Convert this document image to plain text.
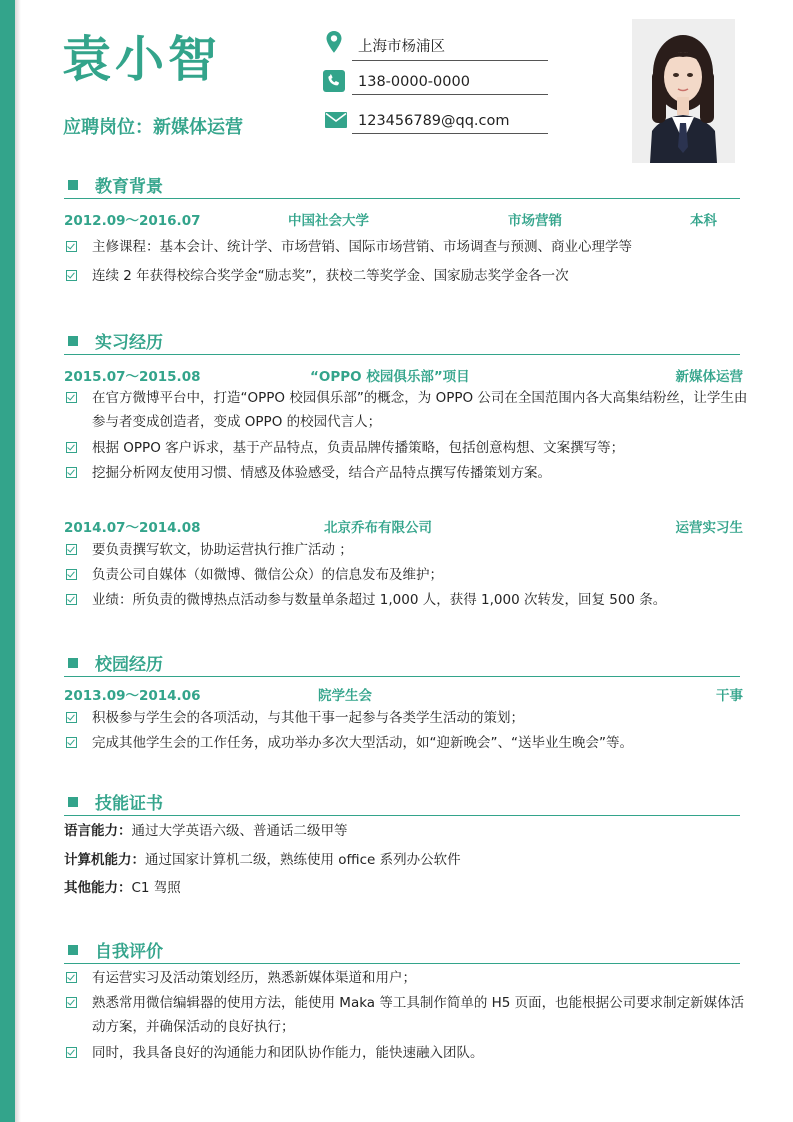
袁小智
应聘岗位：新媒体运营
上海市杨浦区
138-0000-0000
123456789@qq.com
教育背景
2012.09～2016.07	中国社会大学	市场营销	本科
主修课程：基本会计、统计学、市场营销、国际市场营销、市场调查与预测、商业心理学等
连续 2 年获得校综合奖学金“励志奖”，获校二等奖学金、国家励志奖学金各一次
实习经历
2015.07～2015.08	“OPPO 校园俱乐部”项目	新媒体运营
在官方微博平台中，打造“OPPO 校园俱乐部”的概念，为 OPPO 公司在全国范围内各大高集结粉丝，让学生由参与者变成创造者，变成 OPPO 的校园代言人；
根据 OPPO 客户诉求，基于产品特点，负责品牌传播策略，包括创意构想、文案撰写等；
挖掘分析网友使用习惯、情感及体验感受，结合产品特点撰写传播策划方案。
2014.07～2014.08	北京乔布有限公司	运营实习生
要负责撰写软文，协助运营执行推广活动 ；
负责公司自媒体（如微博、微信公众）的信息发布及维护；
业绩：所负责的微博热点活动参与数量单条超过 1,000 人，获得 1,000 次转发，回复 500 条。
校园经历
2013.09～2014.06	院学生会	干事
积极参与学生会的各项活动，与其他干事一起参与各类学生活动的策划；
完成其他学生会的工作任务，成功举办多次大型活动，如“迎新晚会”、“送毕业生晚会”等。
技能证书
语言能力：通过大学英语六级、普通话二级甲等
计算机能力：通过国家计算机二级，熟练使用 office 系列办公软件
其他能力：C1 驾照
自我评价
有运营实习及活动策划经历，熟悉新媒体渠道和用户；
熟悉常用微信编辑器的使用方法，能使用 Maka 等工具制作简单的 H5 页面，也能根据公司要求制定新媒体活动方案，并确保活动的良好执行；
同时，我具备良好的沟通能力和团队协作能力，能快速融入团队。
